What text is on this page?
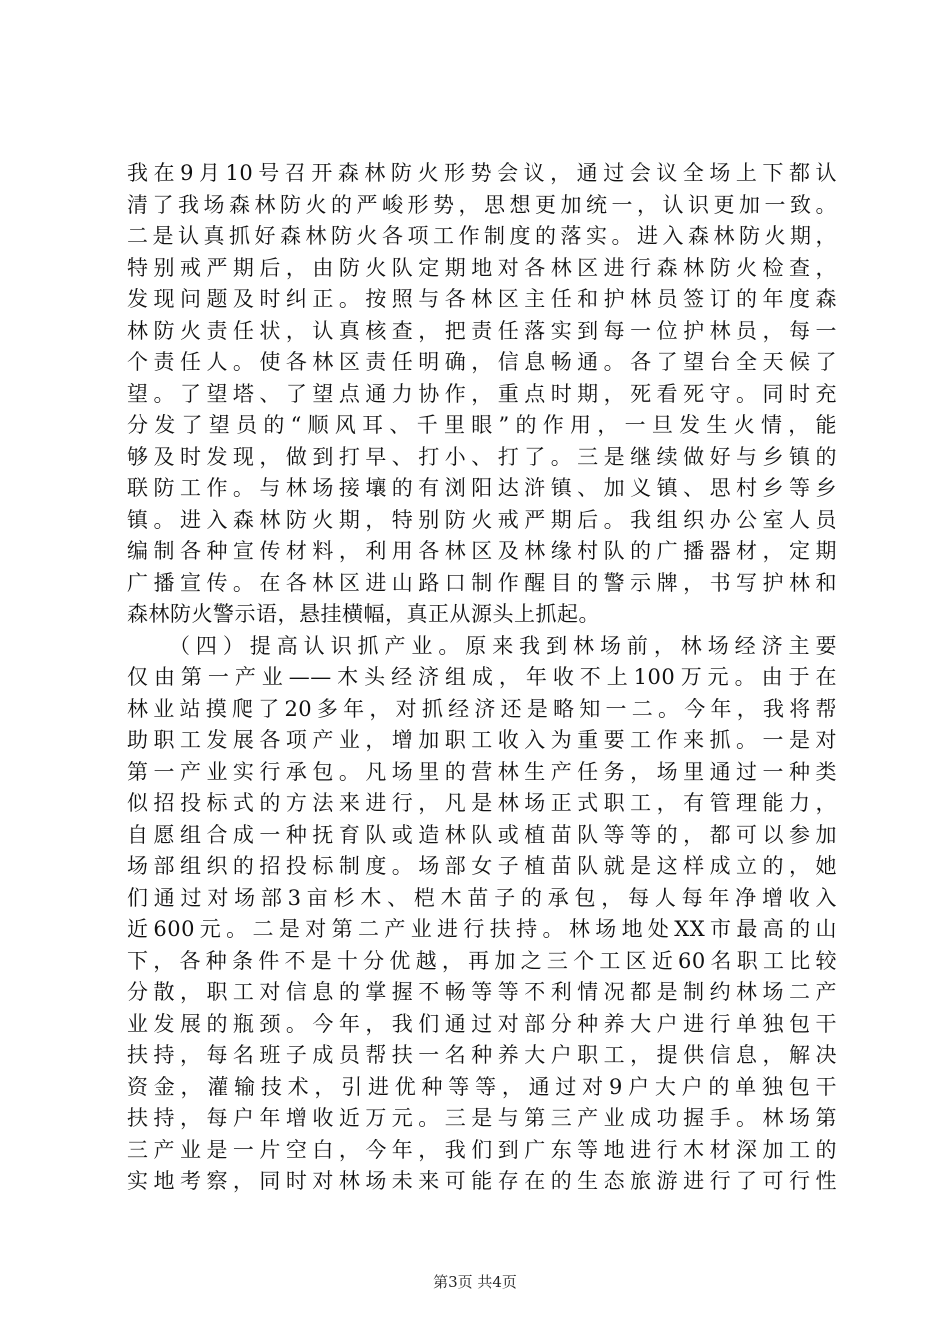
我在9月10号召开森林防火形势会议，通过会议全场上下都认
清了我场森林防火的严峻形势，思想更加统一，认识更加一致。
二是认真抓好森林防火各项工作制度的落实。进入森林防火期，
特别戒严期后，由防火队定期地对各林区进行森林防火检查，
发现问题及时纠正。按照与各林区主任和护林员签订的年度森
林防火责任状，认真核查，把责任落实到每一位护林员，每一
个责任人。使各林区责任明确，信息畅通。各了望台全天候了
望。了望塔、了望点通力协作，重点时期，死看死守。同时充
分发了望员的“顺风耳、千里眼”的作用，一旦发生火情，能
够及时发现，做到打早、打小、打了。三是继续做好与乡镇的
联防工作。与林场接壤的有浏阳达浒镇、加义镇、思村乡等乡
镇。进入森林防火期，特别防火戒严期后。我组织办公室人员
编制各种宣传材料，利用各林区及林缘村队的广播器材，定期
广播宣传。在各林区进山路口制作醒目的警示牌，书写护林和
森林防火警示语，悬挂横幅，真正从源头上抓起。
（四）提高认识抓产业。原来我到林场前，林场经济主要
仅由第一产业——木头经济组成，年收不上100万元。由于在
林业站摸爬了20多年，对抓经济还是略知一二。今年，我将帮
助职工发展各项产业，增加职工收入为重要工作来抓。一是对
第一产业实行承包。凡场里的营林生产任务，场里通过一种类
似招投标式的方法来进行，凡是林场正式职工，有管理能力，
自愿组合成一种抚育队或造林队或植苗队等等的，都可以参加
场部组织的招投标制度。场部女子植苗队就是这样成立的，她
们通过对场部3亩杉木、桤木苗子的承包，每人每年净增收入
近600元。二是对第二产业进行扶持。林场地处XX市最高的山
下，各种条件不是十分优越，再加之三个工区近60名职工比较
分散，职工对信息的掌握不畅等等不利情况都是制约林场二产
业发展的瓶颈。今年，我们通过对部分种养大户进行单独包干
扶持，每名班子成员帮扶一名种养大户职工，提供信息，解决
资金，灌输技术，引进优种等等，通过对9户大户的单独包干
扶持，每户年增收近万元。三是与第三产业成功握手。林场第
三产业是一片空白，今年，我们到广东等地进行木材深加工的
实地考察，同时对林场未来可能存在的生态旅游进行了可行性
第3页 共4页
